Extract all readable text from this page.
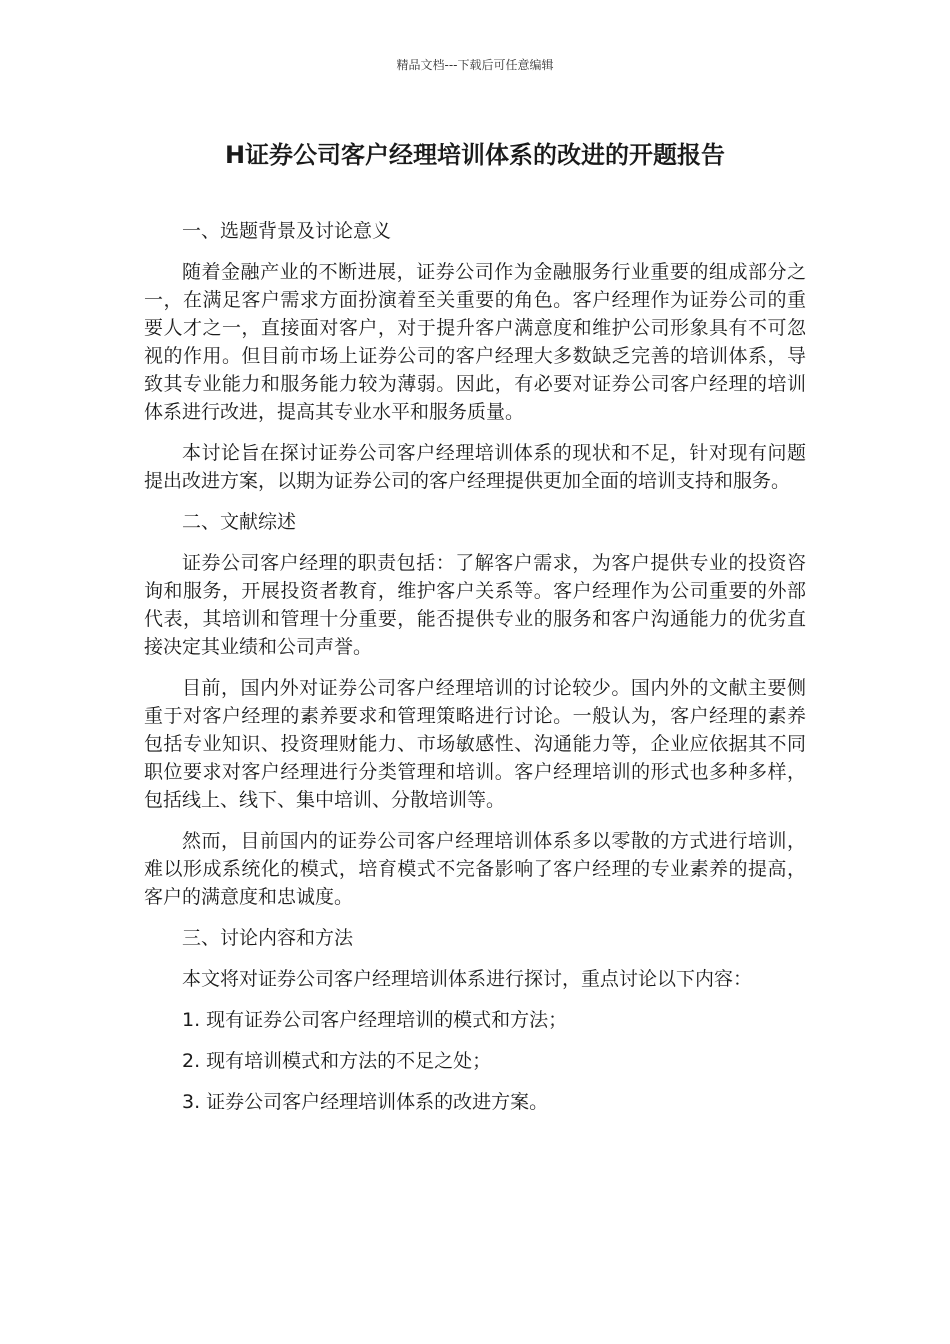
精品文档---下载后可任意编辑
H证券公司客户经理培训体系的改进的开题报告

一、选题背景及讨论意义

随着金融产业的不断进展，证券公司作为金融服务行业重要的组成部分之一，在满足客户需求方面扮演着至关重要的角色。客户经理作为证券公司的重要人才之一，直接面对客户，对于提升客户满意度和维护公司形象具有不可忽视的作用。但目前市场上证券公司的客户经理大多数缺乏完善的培训体系，导致其专业能力和服务能力较为薄弱。因此，有必要对证券公司客户经理的培训体系进行改进，提高其专业水平和服务质量。

本讨论旨在探讨证券公司客户经理培训体系的现状和不足，针对现有问题提出改进方案，以期为证券公司的客户经理提供更加全面的培训支持和服务。

二、文献综述

证券公司客户经理的职责包括：了解客户需求，为客户提供专业的投资咨询和服务，开展投资者教育，维护客户关系等。客户经理作为公司重要的外部代表，其培训和管理十分重要，能否提供专业的服务和客户沟通能力的优劣直接决定其业绩和公司声誉。

目前，国内外对证券公司客户经理培训的讨论较少。国内外的文献主要侧重于对客户经理的素养要求和管理策略进行讨论。一般认为，客户经理的素养包括专业知识、投资理财能力、市场敏感性、沟通能力等，企业应依据其不同职位要求对客户经理进行分类管理和培训。客户经理培训的形式也多种多样，包括线上、线下、集中培训、分散培训等。

然而，目前国内的证券公司客户经理培训体系多以零散的方式进行培训，难以形成系统化的模式，培育模式不完备影响了客户经理的专业素养的提高，客户的满意度和忠诚度。

三、讨论内容和方法

本文将对证券公司客户经理培训体系进行探讨，重点讨论以下内容：

1. 现有证券公司客户经理培训的模式和方法；

2. 现有培训模式和方法的不足之处；

3. 证券公司客户经理培训体系的改进方案。
